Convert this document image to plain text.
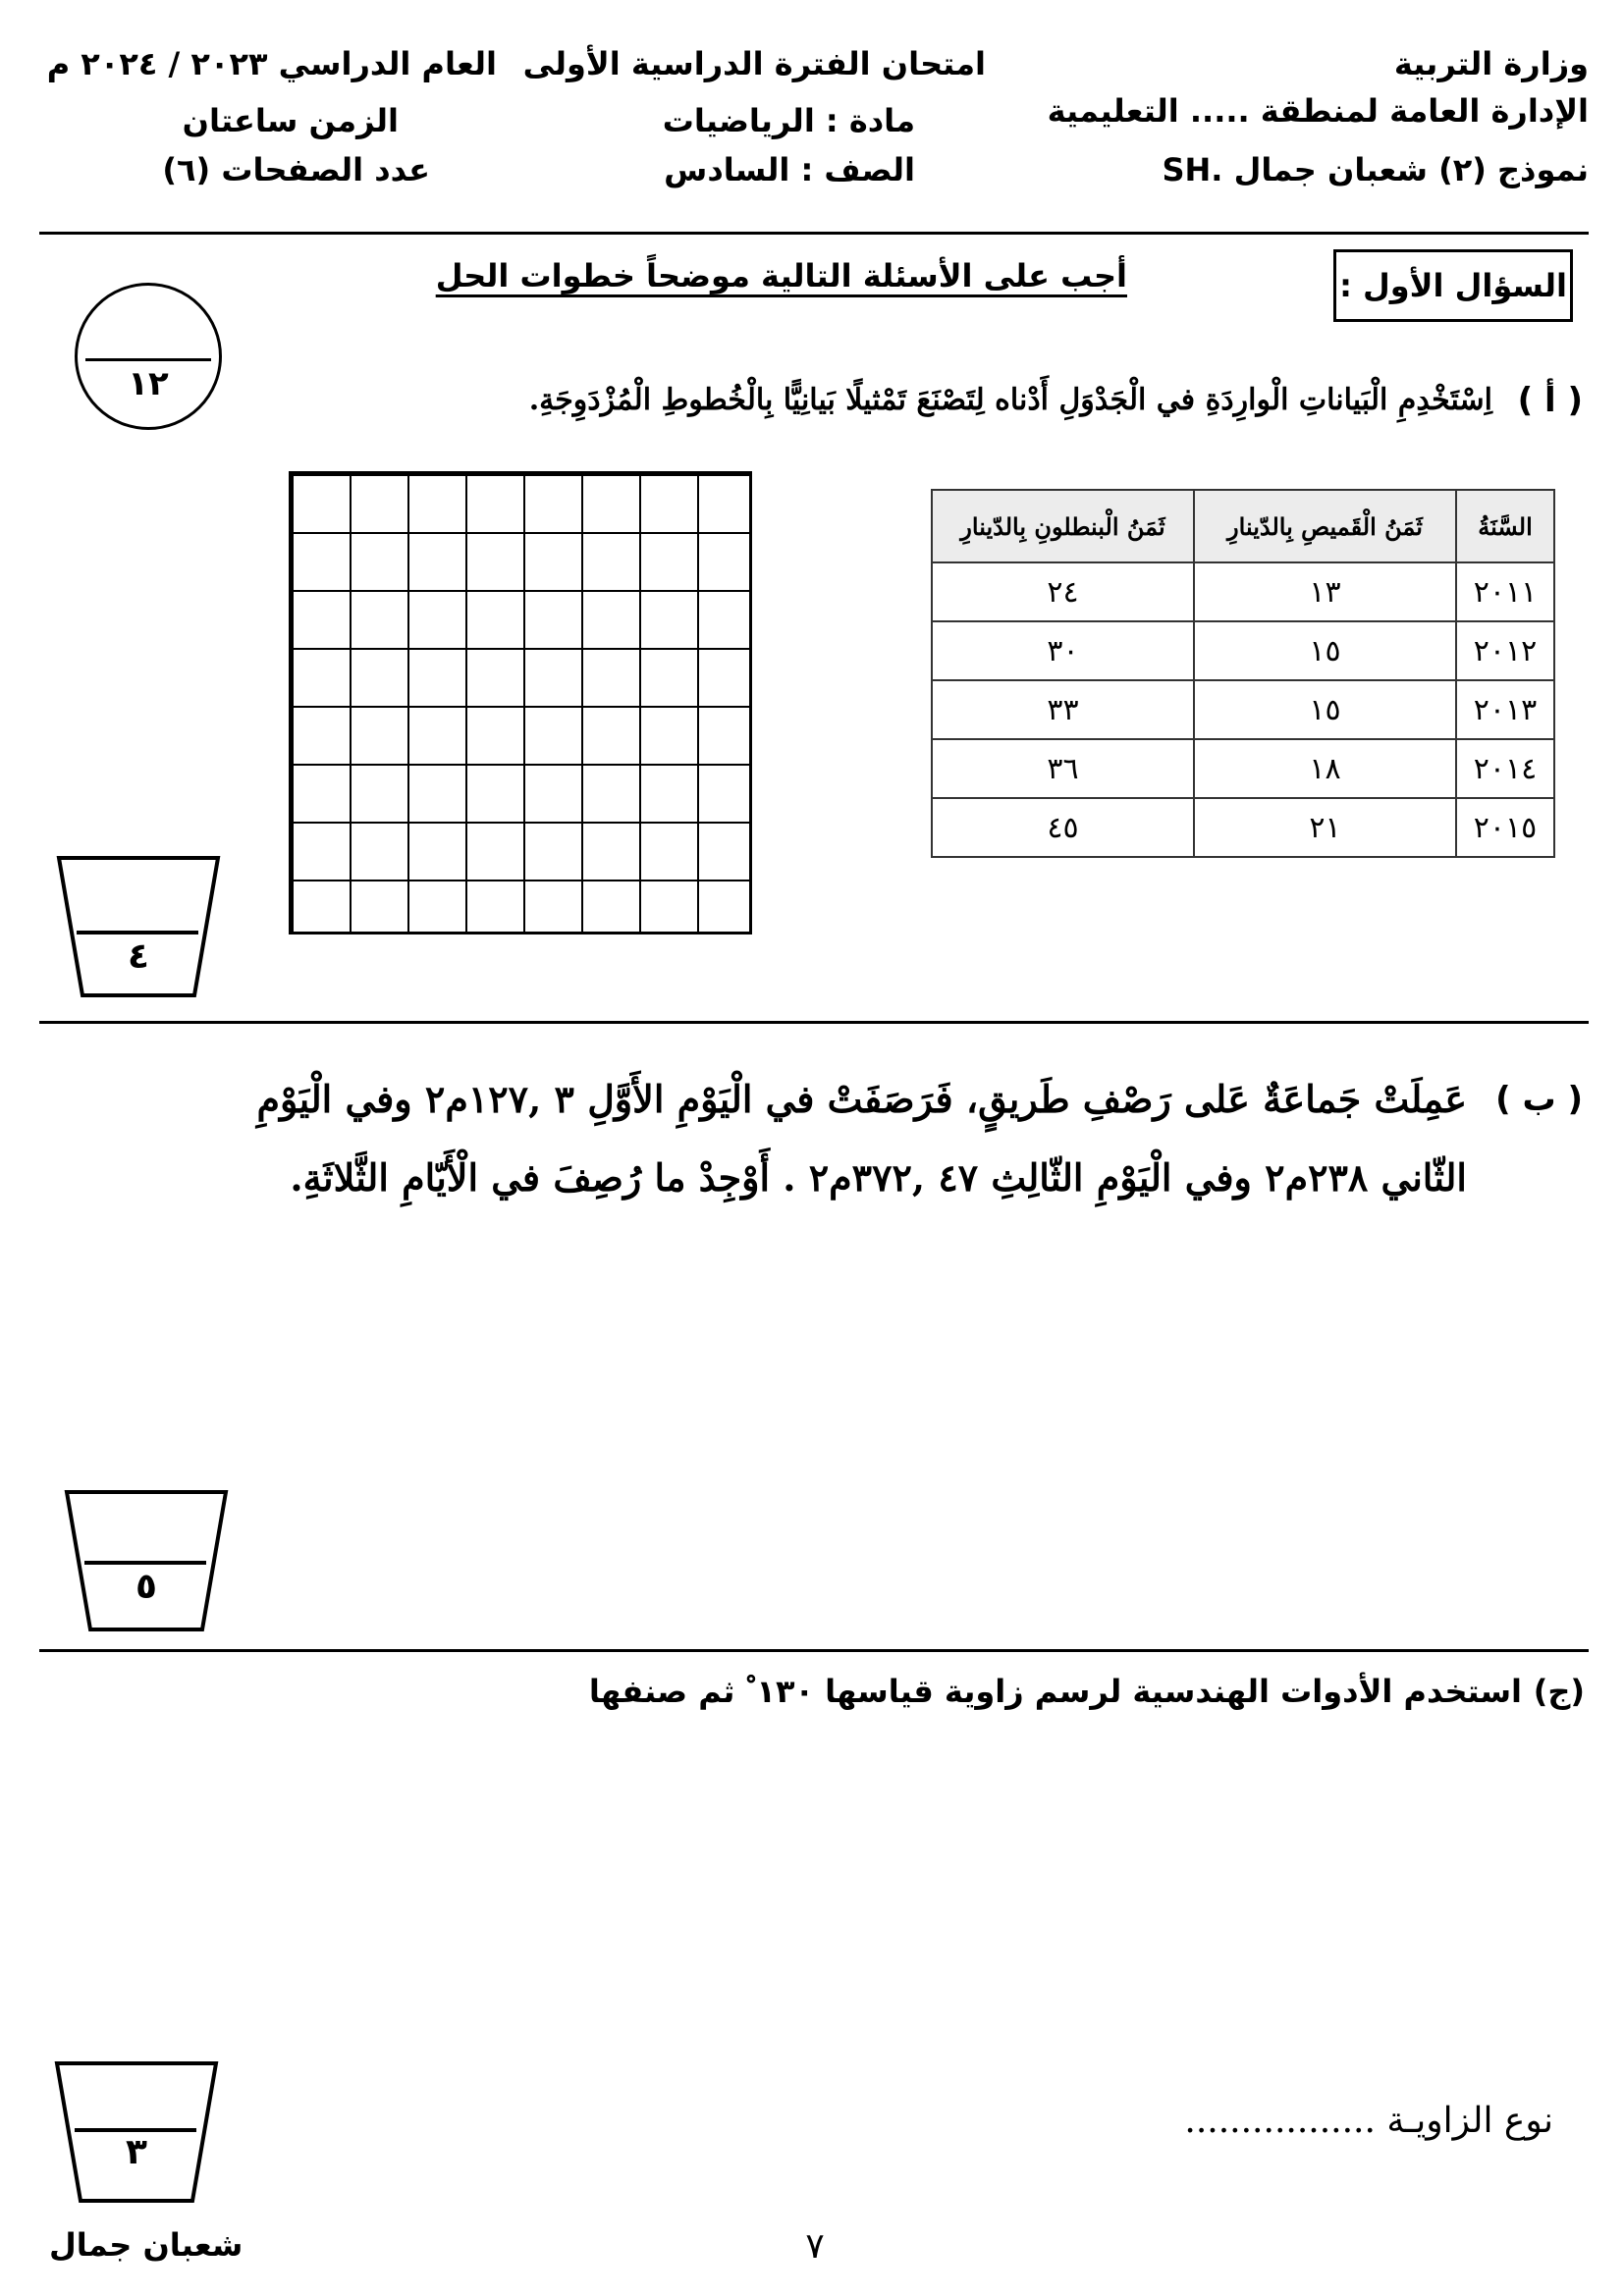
وزارة التربية
الإدارة العامة لمنطقة ..... التعليمية
نموذج (٢) شعبان جمال .SH
امتحان الفترة الدراسية الأولى
مادة : الرياضيات
الصف : السادس
العام الدراسي ٢٠٢٣ / ٢٠٢٤ م
الزمن ساعتان
عدد الصفحات (٦)
السؤال الأول :
أجب على الأسئلة التالية موضحاً خطوات الحل
١٢	( أ )
اِسْتَخْدِمِ الْبَياناتِ الْوارِدَةِ في الْجَدْوَلِ أَدْناه لِتَصْنَعَ تَمْثيلًا بَيانِيًّا بِالْخُطوطِ الْمُزْدَوِجَةِ.
السَّنَةُ	ثَمَنُ الْقَميصِ بِالدّينارِ	ثَمَنُ الْبنطلونِ بِالدّينارِ
٢٠١١	١٣	٢٤
٢٠١٢	١٥	٣٠
٢٠١٣	١٥	٣٣
٢٠١٤	١٨	٣٦
٢٠١٥	٢١	٤٥
٤
( ب )
عَمِلَتْ جَماعَةٌ عَلى رَصْفِ طَريقٍ، فَرَصَفَتْ في الْيَوْمِ الأَوَّلِ ٣ ,١٢٧م٢ وفي الْيَوْمِ
الثّاني ٢٣٨م٢ وفي الْيَوْمِ الثّالِثِ ٤٧ ,٣٧٢م٢ . أَوْجِدْ ما رُصِفَ في الْأَيّامِ الثَّلاثَةِ.
٥
(ج)
استخدم الأدوات الهندسية لرسم زاوية قياسها ١٣٠ ْ ثم صنفها
٣
نوع الزاويـة .................
٧
شعبان جمال
